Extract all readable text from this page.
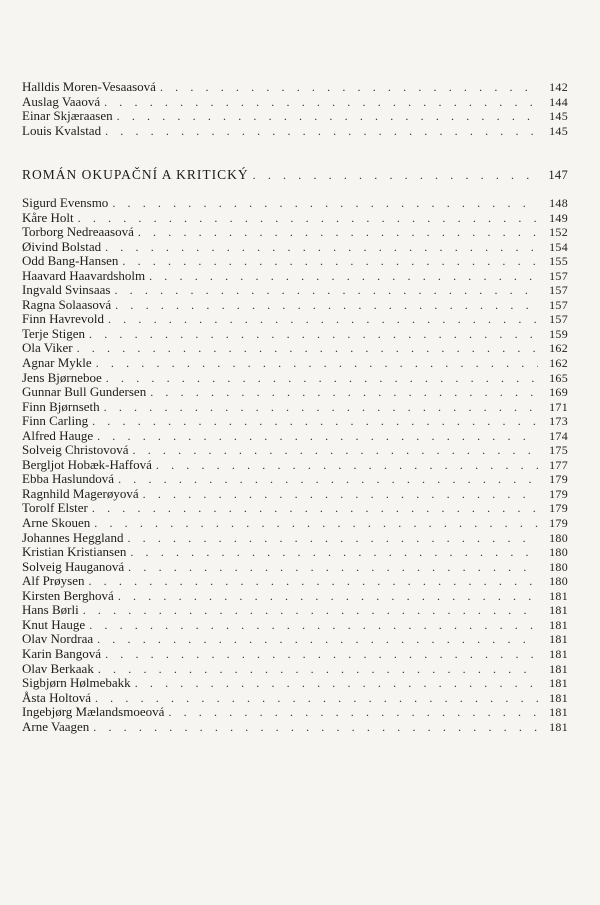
Halldis Moren-Vesaasová . . .	142
Auslag Vaaová . . .	144
Einar Skjæraasen . . .	145
Louis Kvalstad . . .	145
ROMÁN OKUPAČNÍ A KRITICKÝ . . .	147
Sigurd Evensmo . . .	148
Kåre Holt . . .	149
Torborg Nedreaasová . . .	152
Øivind Bolstad . . .	154
Odd Bang-Hansen . . .	155
Haavard Haavardsholm . . .	157
Ingvald Svinsaas . . .	157
Ragna Solaasová . . .	157
Finn Havrevold . . .	157
Terje Stigen . . .	159
Ola Viker . . .	162
Agnar Mykle . . .	162
Jens Bjørneboe . . .	165
Gunnar Bull Gundersen . . .	169
Finn Bjørnseth . . .	171
Finn Carling . . .	173
Alfred Hauge . . .	174
Solveig Christovová . . .	175
Bergljot Hobæk-Haffová . . .	177
Ebba Haslundová . . .	179
Ragnhild Magerøyová . . .	179
Torolf Elster . . .	179
Arne Skouen . . .	179
Johannes Heggland . . .	180
Kristian Kristiansen . . .	180
Solveig Hauganová . . .	180
Alf Prøysen . . .	180
Kirsten Berghová . . .	181
Hans Børli . . .	181
Knut Hauge . . .	181
Olav Nordraa . . .	181
Karin Bangová . . .	181
Olav Berkaak . . .	181
Sigbjørn Hølmebakk . . .	181
Åsta Holtová . . .	181
Ingebjørg Mælandsmoeová . . .	181
Arne Vaagen . . .	181
